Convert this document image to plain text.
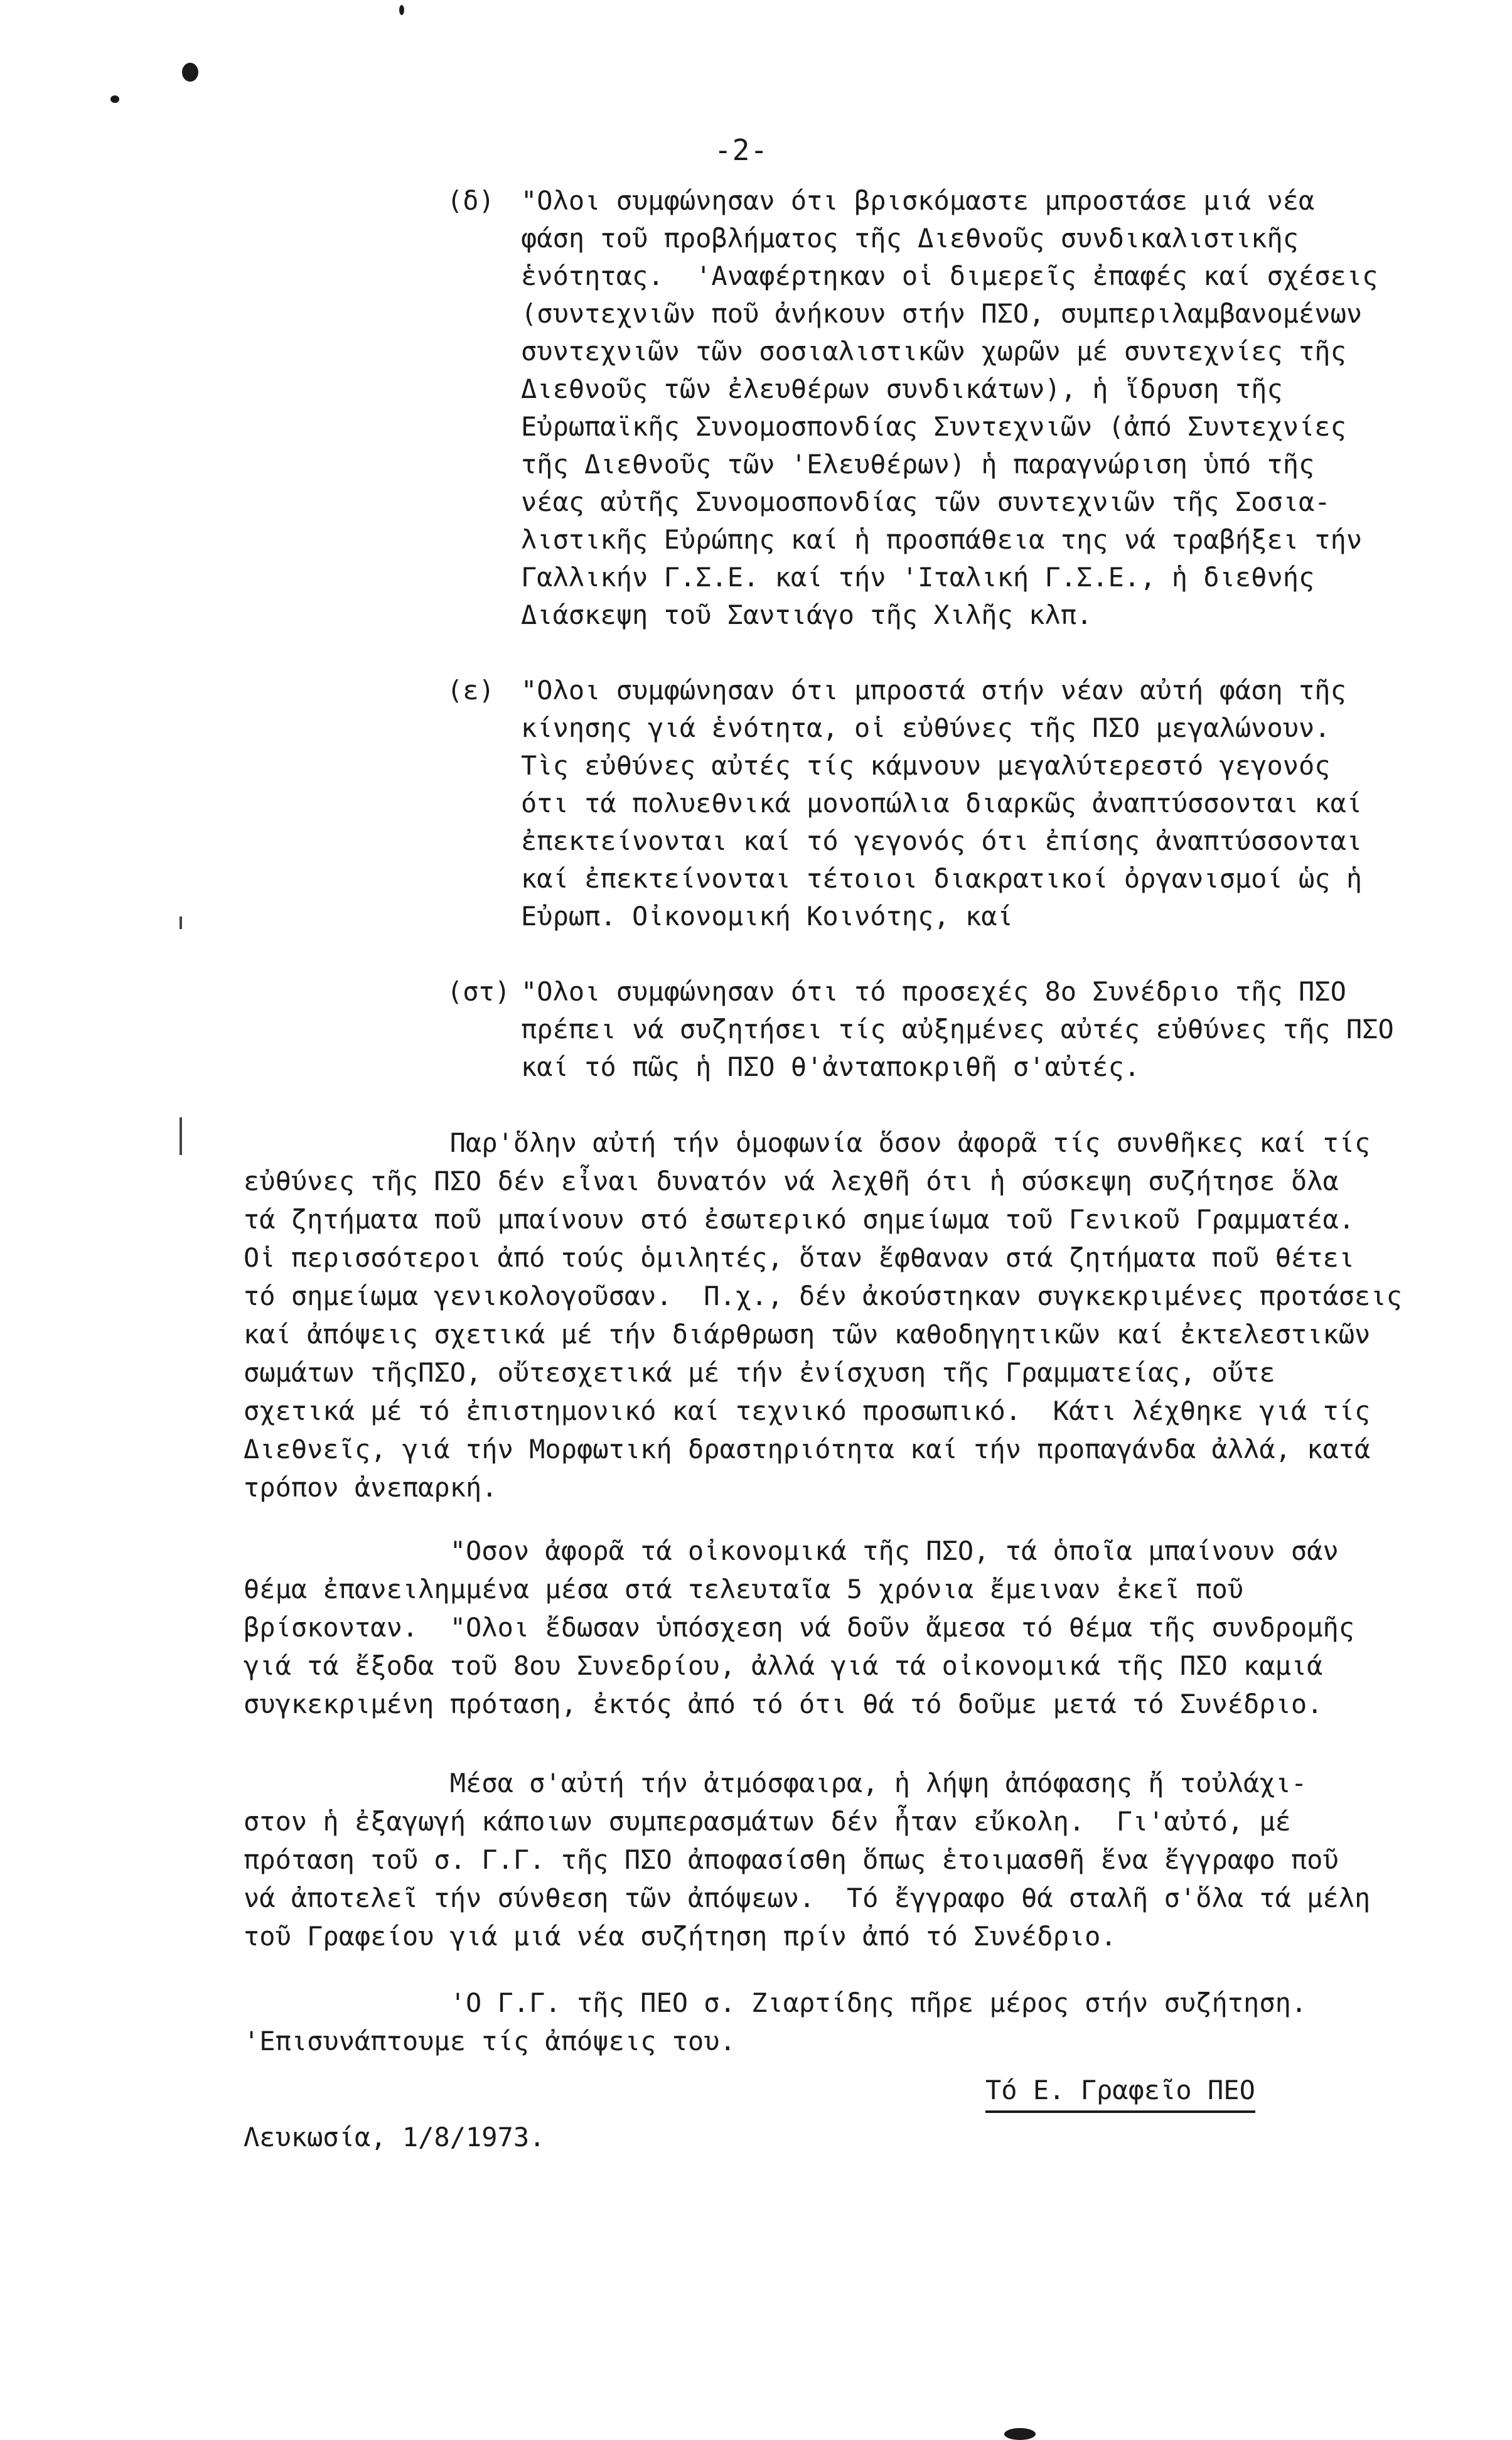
-2-
(δ)	"Ολοι συμφώνησαν ότι βρισκόμαστε μπροστάσε μιά νέα
φάση τοῦ προβλήματος τῆς Διεθνοῦς συνδικαλιστικῆς
ἑνότητας.  'Αναφέρτηκαν οἱ διμερεῖς ἐπαφές καί σχέσεις
(συντεχνιῶν ποῦ ἀνήκουν στήν ΠΣΟ, συμπεριλαμβανομένων
συντεχνιῶν τῶν σοσιαλιστικῶν χωρῶν μέ συντεχνίες τῆς
Διεθνοῦς τῶν ἐλευθέρων συνδικάτων), ἡ ἵδρυση τῆς
Εὐρωπαϊκῆς Συνομοσπονδίας Συντεχνιῶν (ἀπό Συντεχνίες
τῆς Διεθνοῦς τῶν 'Ελευθέρων) ἡ παραγνώριση ὑπό τῆς
νέας αὐτῆς Συνομοσπονδίας τῶν συντεχνιῶν τῆς Σοσια-
λιστικῆς Εὐρώπης καί ἡ προσπάθεια της νά τραβήξει τήν
Γαλλικήν Γ.Σ.Ε. καί τήν 'Ιταλική Γ.Σ.Ε., ἡ διεθνής
Διάσκεψη τοῦ Σαντιάγο τῆς Χιλῆς κλπ.
(ε)	"Ολοι συμφώνησαν ότι μπροστά στήν νέαν αὐτή φάση τῆς
κίνησης γιά ἑνότητα, οἱ εὐθύνες τῆς ΠΣΟ μεγαλώνουν.
Τὶς εὐθύνες αὐτές τίς κάμνουν μεγαλύτερεστό γεγονός
ότι τά πολυεθνικά μονοπώλια διαρκῶς ἀναπτύσσονται καί
ἐπεκτείνονται καί τό γεγονός ότι ἐπίσης ἀναπτύσσονται
καί ἐπεκτείνονται τέτοιοι διακρατικοί ὀργανισμοί ὡς ἡ
Εὐρωπ. Οἰκονομική Κοινότης, καί
(στ) "Ολοι συμφώνησαν ότι τό προσεχές 8ο Συνέδριο τῆς ΠΣΟ
πρέπει νά συζητήσει τίς αὐξημένες αὐτές εὐθύνες τῆς ΠΣΟ
καί τό πῶς ἡ ΠΣΟ θ'ἀνταποκριθῆ σ'αὐτές.
Παρ'ὅλην αὐτή τήν ὁμοφωνία ὅσον ἀφορᾶ τίς συνθῆκες καί τίς
εὐθύνες τῆς ΠΣΟ δέν εἶναι δυνατόν νά λεχθῆ ότι ἡ σύσκεψη συζήτησε ὅλα
τά ζητήματα ποῦ μπαίνουν στό ἐσωτερικό σημείωμα τοῦ Γενικοῦ Γραμματέα.
Οἱ περισσότεροι ἀπό τούς ὁμιλητές, ὅταν ἔφθαναν στά ζητήματα ποῦ θέτει
τό σημείωμα γενικολογοῦσαν.  Π.χ., δέν ἀκούστηκαν συγκεκριμένες προτάσεις
καί ἀπόψεις σχετικά μέ τήν διάρθρωση τῶν καθοδηγητικῶν καί ἐκτελεστικῶν
σωμάτων τῆςΠΣΟ, οὔτεσχετικά μέ τήν ἐνίσχυση τῆς Γραμματείας, οὔτε
σχετικά μέ τό ἐπιστημονικό καί τεχνικό προσωπικό.  Κάτι λέχθηκε γιά τίς
Διεθνεῖς, γιά τήν Μορφωτική δραστηριότητα καί τήν προπαγάνδα ἀλλά, κατά
τρόπον ἀνεπαρκή.
"Οσον ἀφορᾶ τά οἰκονομικά τῆς ΠΣΟ, τά ὁποῖα μπαίνουν σάν
θέμα ἐπανειλημμένα μέσα στά τελευταῖα 5 χρόνια ἔμειναν ἐκεῖ ποῦ
βρίσκονταν.  "Ολοι ἔδωσαν ὑπόσχεση νά δοῦν ἄμεσα τό θέμα τῆς συνδρομῆς
γιά τά ἔξοδα τοῦ 8ου Συνεδρίου, ἀλλά γιά τά οἰκονομικά τῆς ΠΣΟ καμιά
συγκεκριμένη πρόταση, ἐκτός ἀπό τό ότι θά τό δοῦμε μετά τό Συνέδριο.
Μέσα σ'αὐτή τήν ἀτμόσφαιρα, ἡ λήψη ἀπόφασης ἤ τοὐλάχι-
στον ἡ ἐξαγωγή κάποιων συμπερασμάτων δέν ἦταν εὔκολη.  Γι'αὐτό, μέ
πρόταση τοῦ σ. Γ.Γ. τῆς ΠΣΟ ἀποφασίσθη ὅπως ἑτοιμασθῆ ἕνα ἔγγραφο ποῦ
νά ἀποτελεῖ τήν σύνθεση τῶν ἀπόψεων.  Τό ἔγγραφο θά σταλῆ σ'ὅλα τά μέλη
τοῦ Γραφείου γιά μιά νέα συζήτηση πρίν ἀπό τό Συνέδριο.
'Ο Γ.Γ. τῆς ΠΕΟ σ. Ζιαρτίδης πῆρε μέρος στήν συζήτηση.
'Επισυνάπτουμε τίς ἀπόψεις του.
Τό Ε. Γραφεῖο ΠΕΟ
Λευκωσία, 1/8/1973.
